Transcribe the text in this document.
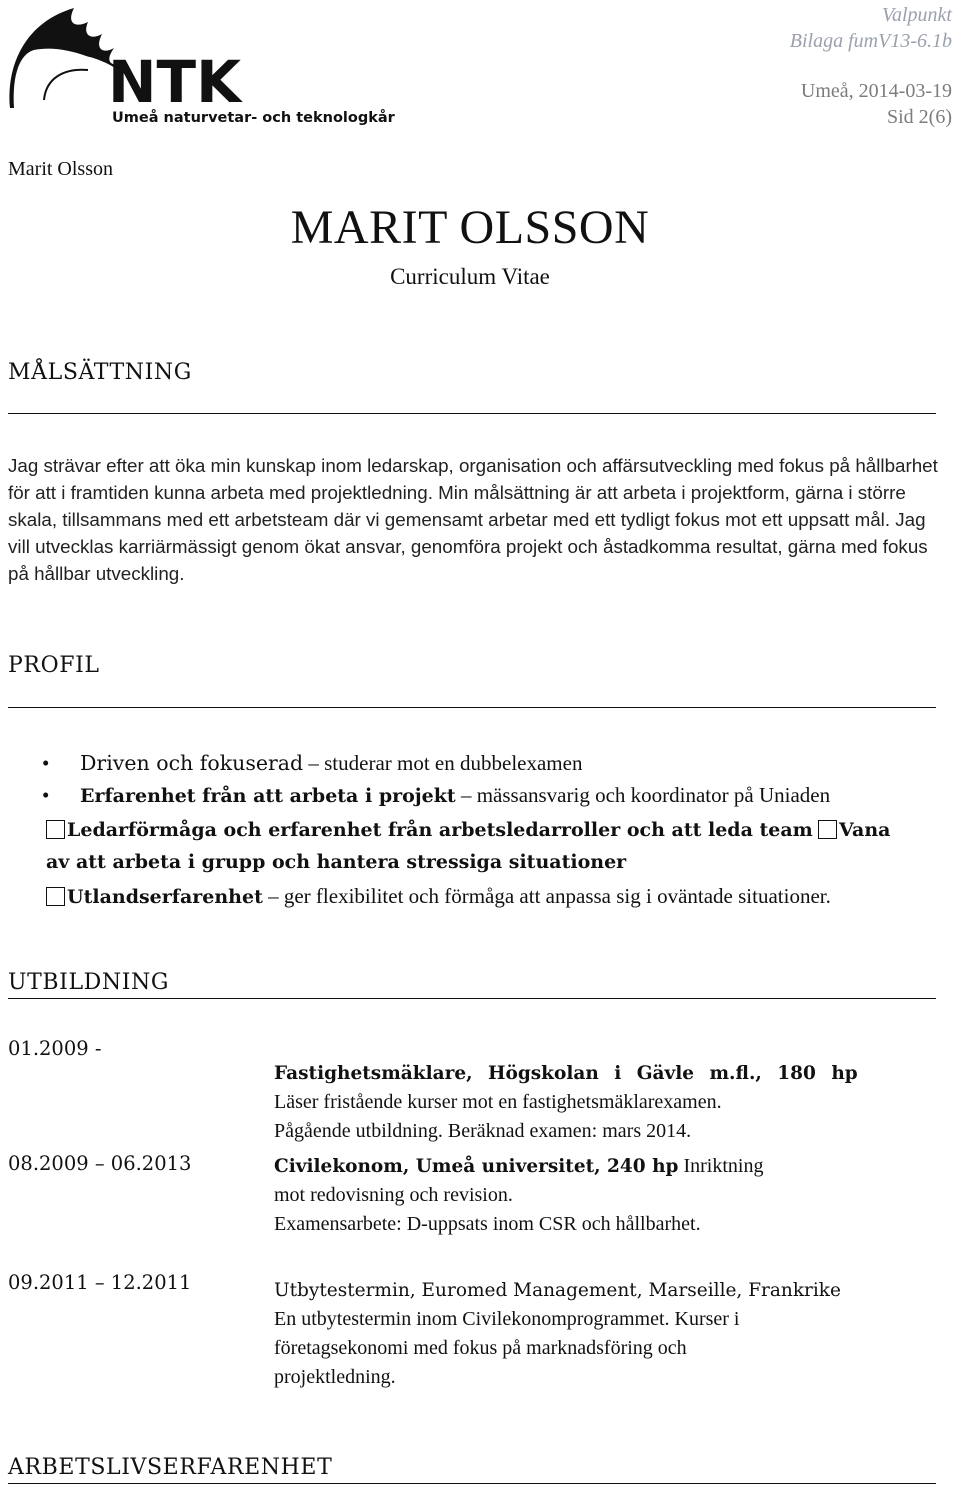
NTK
Umeå naturvetar- och teknologkår
Valpunkt
Bilaga fumV13-6.1b
Umeå, 2014-03-19
Sid 2(6)
Marit Olsson
MARIT OLSSON
Curriculum Vitae
MÅLSÄTTNING
Jag strävar efter att öka min kunskap inom ledarskap, organisation och affärsutveckling med fokus på hållbarhet för att i framtiden kunna arbeta med projektledning. Min målsättning är att arbeta i projektform, gärna i större skala, tillsammans med ett arbetsteam där vi gemensamt arbetar med ett tydligt fokus mot ett uppsatt mål. Jag vill utvecklas karriärmässigt genom ökat ansvar, genomföra projekt och åstadkomma resultat, gärna med fokus på hållbar utveckling.
PROFIL
• Driven och fokuserad – studerar mot en dubbelexamen
• Erfarenhet från att arbeta i projekt – mässansvarig och koordinator på Uniaden
Ledarförmåga och erfarenhet från arbetsledarroller och att leda team Vana
av att arbeta i grupp och hantera stressiga situationer
Utlandserfarenhet – ger flexibilitet och förmåga att anpassa sig i oväntade situationer.
UTBILDNING
01.2009 -
Fastighetsmäklare, Högskolan i Gävle m.fl., 180 hp
Läser fristående kurser mot en fastighetsmäklarexamen.
Pågående utbildning. Beräknad examen: mars 2014.
08.2009 – 06.2013	Civilekonom, Umeå universitet, 240 hp Inriktning
mot redovisning och revision.
Examensarbete: D-uppsats inom CSR och hållbarhet.
09.2011 – 12.2011	Utbytestermin, Euromed Management, Marseille, Frankrike
En utbytestermin inom Civilekonomprogrammet. Kurser i
företagsekonomi med fokus på marknadsföring och
projektledning.
ARBETSLIVSERFARENHET
